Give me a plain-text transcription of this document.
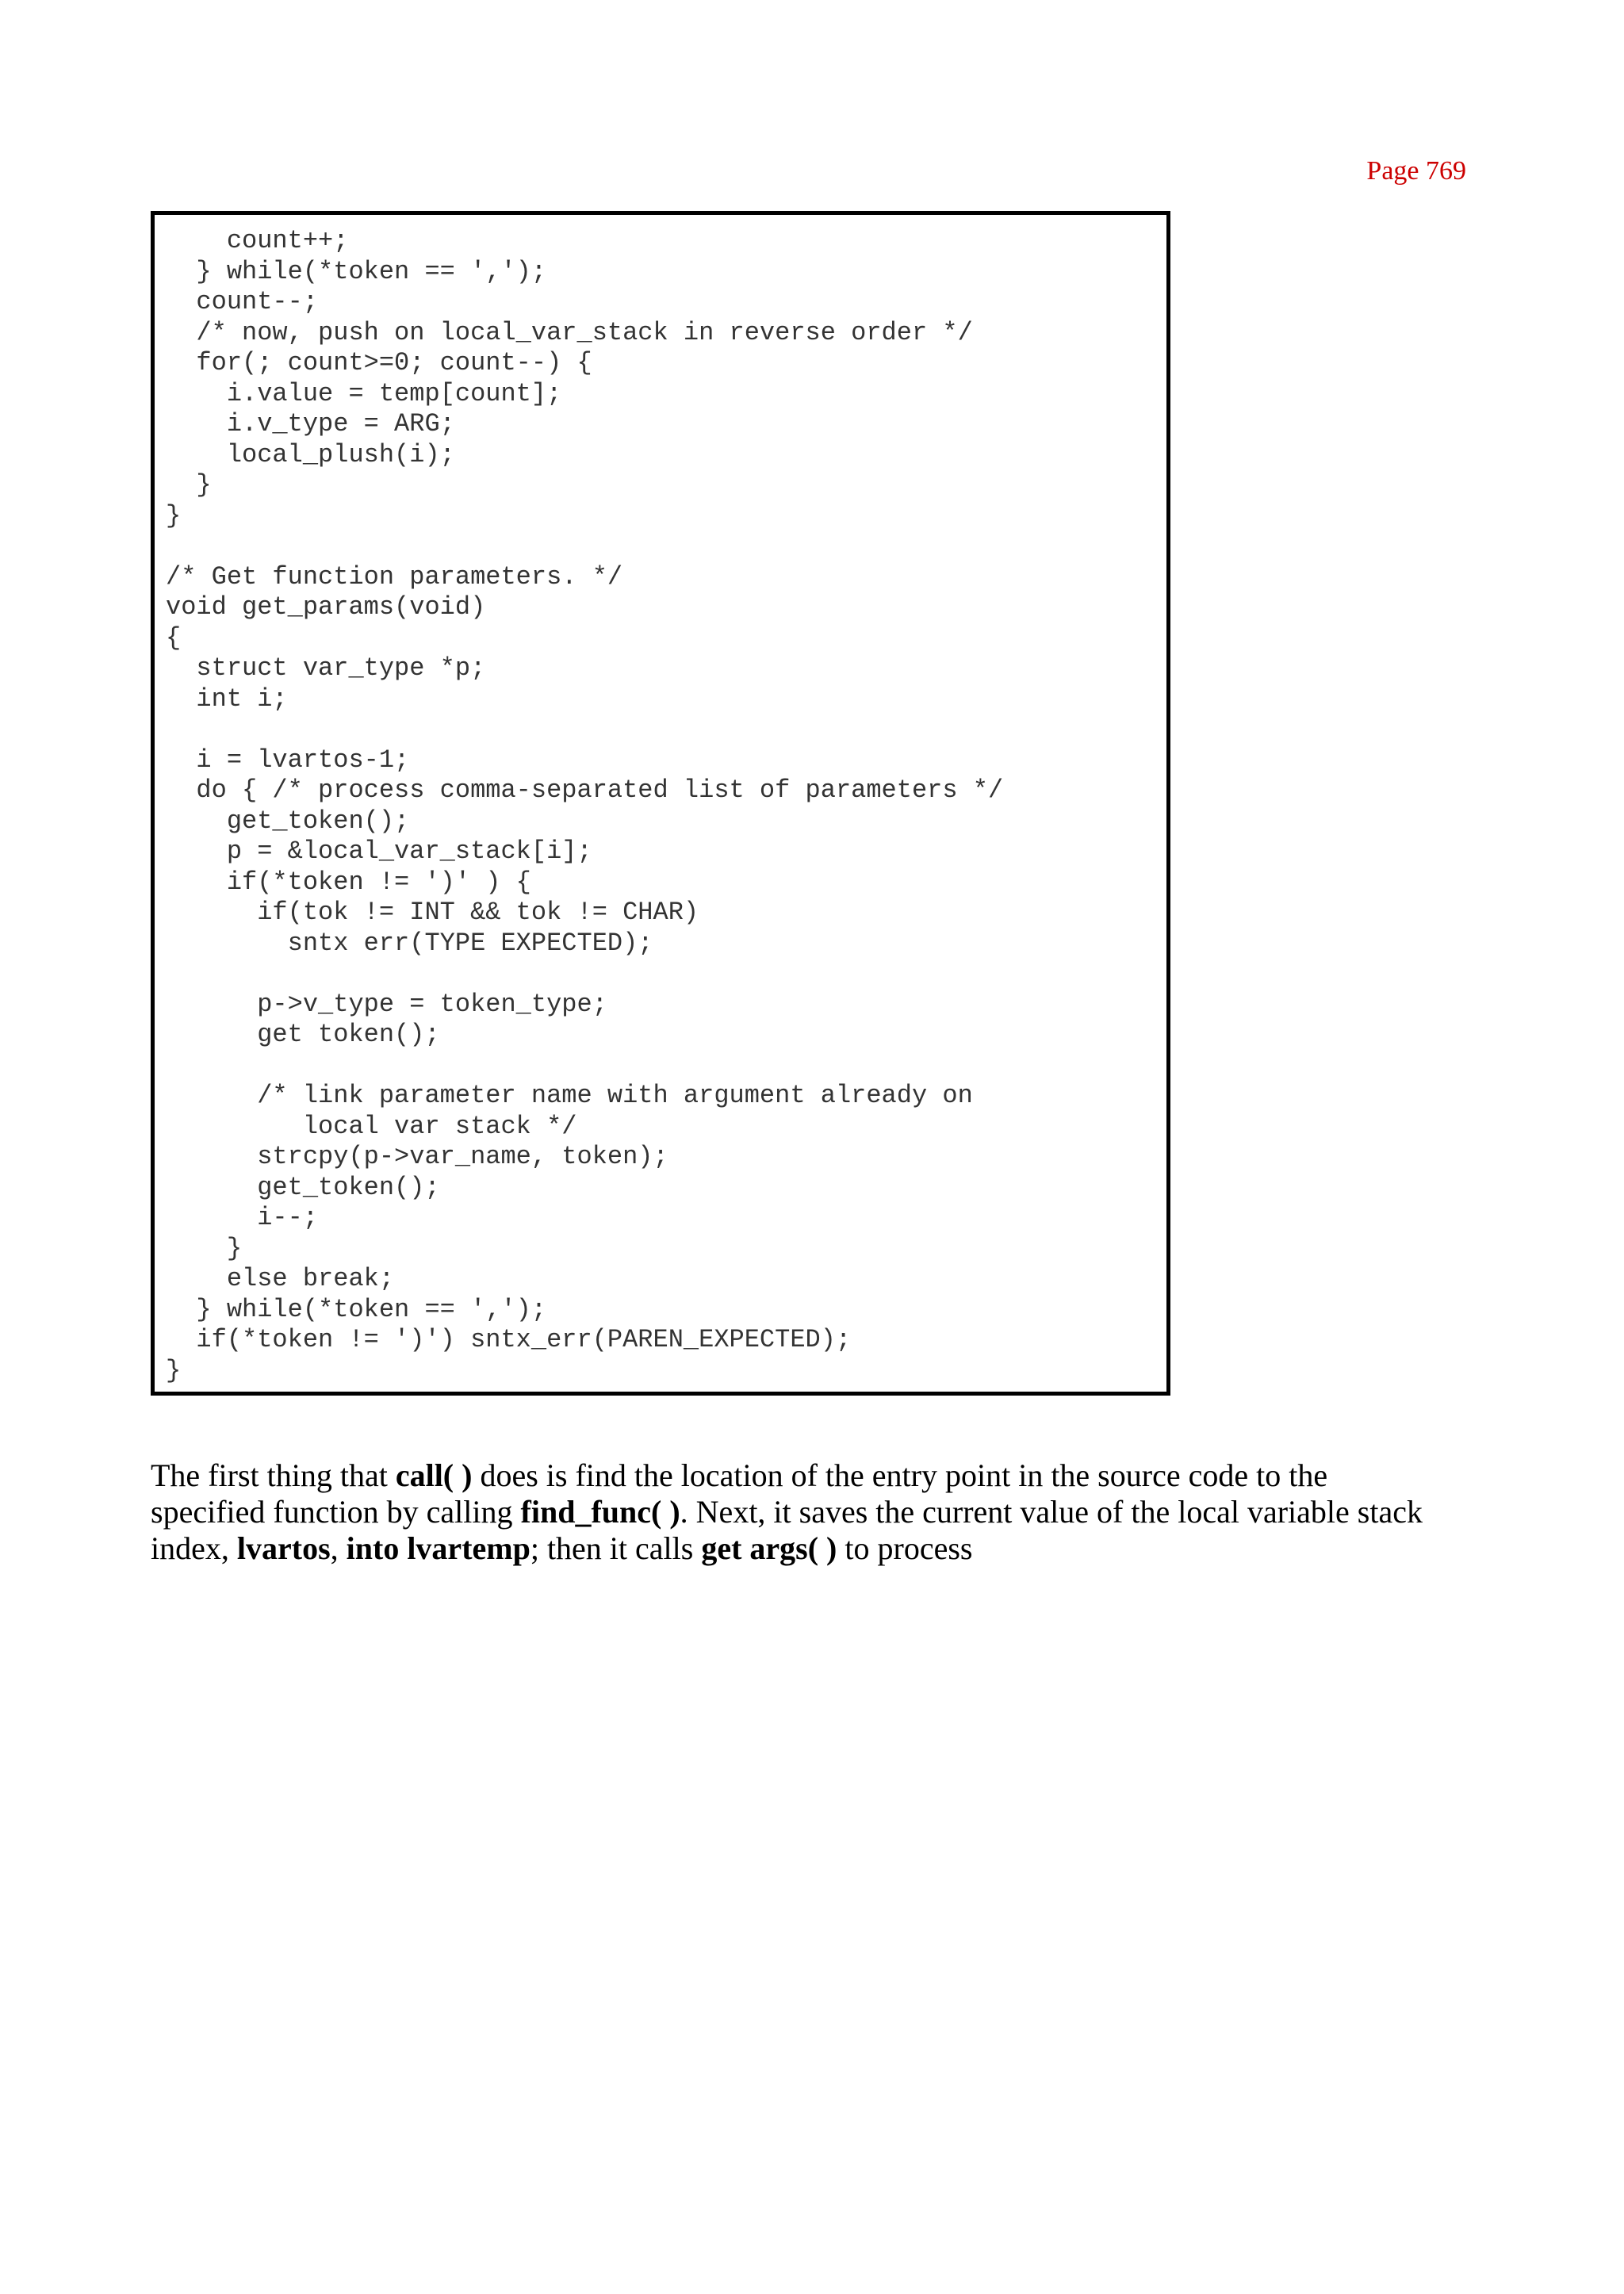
Page 769
count++;
} while(*token == ',');
count--;
/* now, push on local_var_stack in reverse order */
for(; count>=0; count--) {
i.value = temp[count];
i.v_type = ARG;
local_plush(i);
}
}
/* Get function parameters. */
void get_params(void)
{
struct var_type *p;
int i;
i = lvartos-1;
do { /* process comma-separated list of parameters */
get_token();
p = &local_var_stack[i];
if(*token != ')' ) {
if(tok != INT && tok != CHAR)
sntx err(TYPE EXPECTED);
p->v_type = token_type;
get token();
/* link parameter name with argument already on
local var stack */
strcpy(p->var_name, token);
get_token();
i--;
}
else break;
} while(*token == ',');
if(*token != ')') sntx_err(PAREN_EXPECTED);
}
The first thing that call( ) does is find the location of the entry point in the source code to the
specified function by calling find_func( ). Next, it saves the current value of the local variable stack
index, lvartos, into lvartemp; then it calls get args( ) to process
